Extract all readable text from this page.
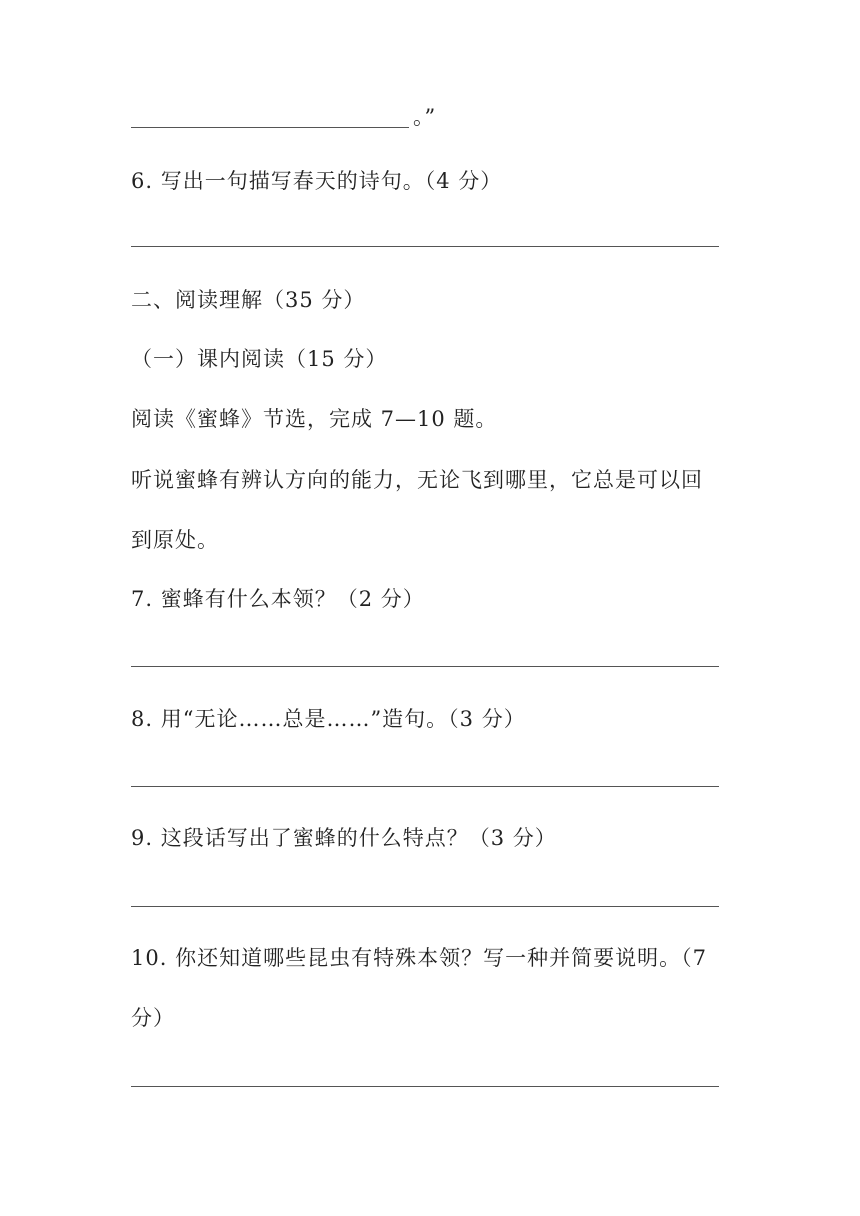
。”
6. 写出一句描写春天的诗句。（4 分）
二、阅读理解（35 分）
（一）课内阅读（15 分）
阅读《蜜蜂》节选，完成 7—10 题。
听说蜜蜂有辨认方向的能力，无论飞到哪里，它总是可以回
到原处。
7. 蜜蜂有什么本领？（2 分）
8. 用“无论……总是……”造句。（3 分）
9. 这段话写出了蜜蜂的什么特点？（3 分）
10. 你还知道哪些昆虫有特殊本领？写一种并简要说明。（7
分）
